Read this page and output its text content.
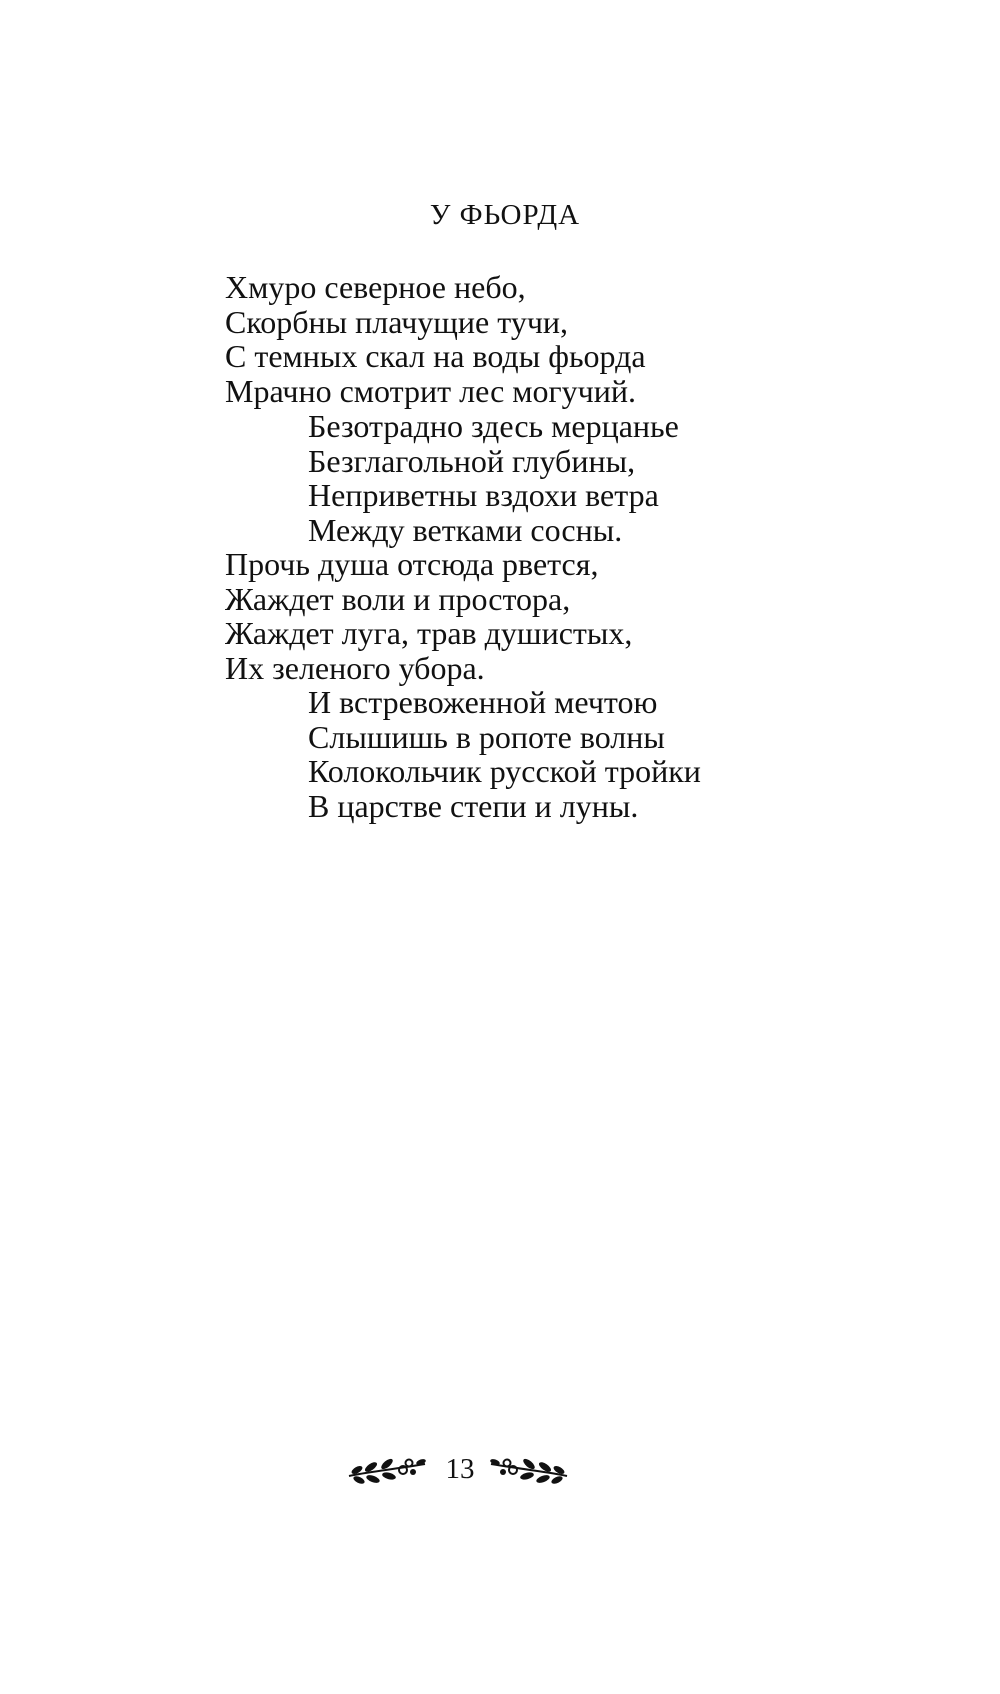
У ФЬОРДА
Хмуро северное небо,
Скорбны плачущие тучи,
С темных скал на воды фьорда
Мрачно смотрит лес могучий.
Безотрадно здесь мерцанье
Безглагольной глубины,
Неприветны вздохи ветра
Между ветками сосны.
Прочь душа отсюда рвется,
Жаждет воли и простора,
Жаждет луга, трав душистых,
Их зеленого убора.
И встревоженной мечтою
Слышишь в ропоте волны
Колокольчик русской тройки
В царстве степи и луны.
13
